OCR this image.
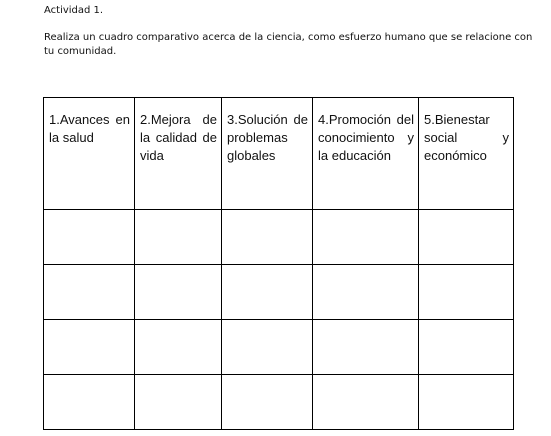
Actividad 1.

Realiza un cuadro comparativo acerca de la ciencia, como esfuerzo humano que se relacione con
tu comunidad.

1.Avances en la salud	2.Mejora de la calidad de vida	3.Solución de problemas globales	4.Promoción del conocimiento y la educación	5.Bienestar social y económico
